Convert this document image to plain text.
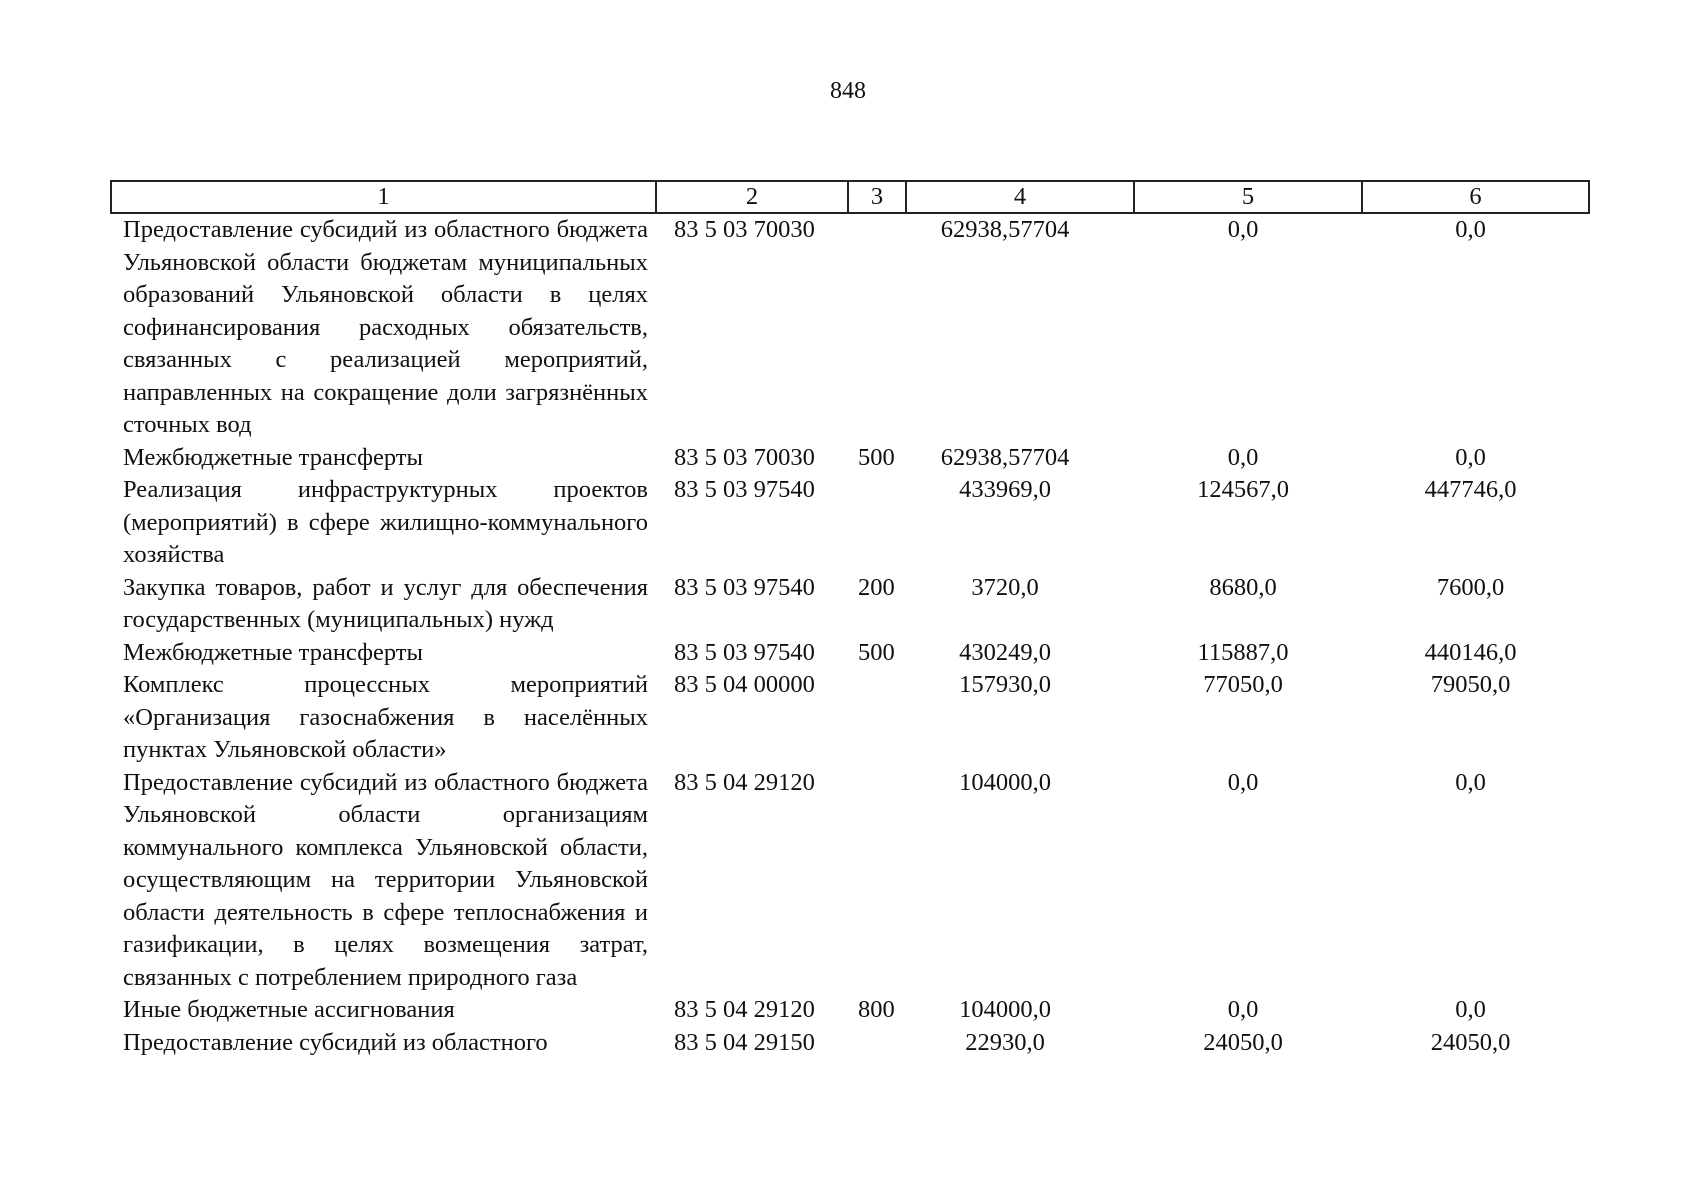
848
1	2	3	4	5	6
Предоставление субсидий из областного бюджета Ульяновской области бюджетам муниципальных образований Ульяновской области в целях софинансирования расходных обязательств, связанных с реализацией мероприятий, направленных на сокращение доли загрязнённых сточных вод	83 5 03 70030		62938,57704	0,0	0,0
Межбюджетные трансферты	83 5 03 70030	500	62938,57704	0,0	0,0
Реализация инфраструктурных проектов (мероприятий) в сфере жилищно-коммунального хозяйства	83 5 03 97540		433969,0	124567,0	447746,0
Закупка товаров, работ и услуг для обеспечения государственных (муниципальных) нужд	83 5 03 97540	200	3720,0	8680,0	7600,0
Межбюджетные трансферты	83 5 03 97540	500	430249,0	115887,0	440146,0
Комплекс процессных мероприятий «Организация газоснабжения в населённых пунктах Ульяновской области»	83 5 04 00000		157930,0	77050,0	79050,0
Предоставление субсидий из областного бюджета Ульяновской области организациям коммунального комплекса Ульяновской области, осуществляющим на территории Ульяновской области деятельность в сфере теплоснабжения и газификации, в целях возмещения затрат, связанных с потреблением природного газа	83 5 04 29120		104000,0	0,0	0,0
Иные бюджетные ассигнования	83 5 04 29120	800	104000,0	0,0	0,0
Предоставление субсидий из областного	83 5 04 29150		22930,0	24050,0	24050,0
